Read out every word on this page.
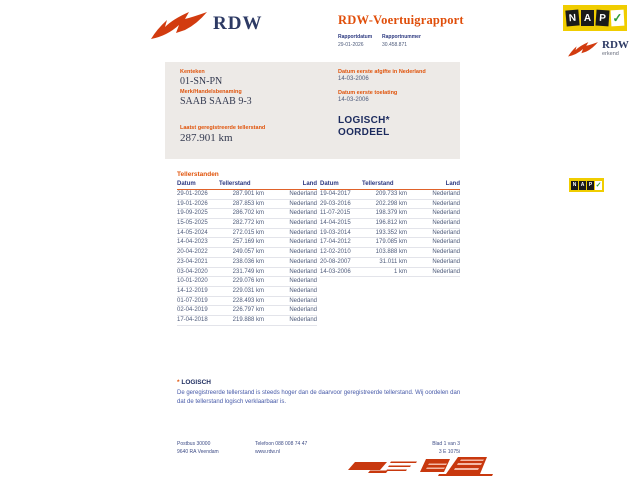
RDW	RDW-Voertuigrapport
Rapportdatum
29-01-2026
Rapportnummer
30.458.871
N A P ✓
RDW
erkend
Kenteken
01-SN-PN
Merk/Handelsbenaming
SAAB SAAB 9-3
Laatst geregistreerde tellerstand
287.901 km
Datum eerste afgifte in Nederland
14-03-2006
Datum eerste toelating
14-03-2006
LOGISCH*
OORDEEL
N A P ✓
Tellerstanden
Datum	Tellerstand	Land
29-01-2026	287.901 km	Nederland
19-01-2026	287.853 km	Nederland
19-09-2025	286.702 km	Nederland
15-05-2025	282.772 km	Nederland
14-05-2024	272.015 km	Nederland
14-04-2023	257.169 km	Nederland
20-04-2022	249.057 km	Nederland
23-04-2021	238.036 km	Nederland
03-04-2020	231.749 km	Nederland
10-01-2020	229.076 km	Nederland
14-12-2019	229.031 km	Nederland
01-07-2019	228.493 km	Nederland
02-04-2019	226.797 km	Nederland
17-04-2018	219.888 km	Nederland
Datum	Tellerstand	Land
19-04-2017	209.733 km	Nederland
29-03-2016	202.298 km	Nederland
11-07-2015	198.379 km	Nederland
14-04-2015	196.812 km	Nederland
19-03-2014	193.352 km	Nederland
17-04-2012	179.085 km	Nederland
12-02-2010	103.888 km	Nederland
20-08-2007	31.011 km	Nederland
14-03-2006	1 km	Nederland
* LOGISCH
De geregistreerde tellerstand is steeds hoger dan de daarvoor geregistreerde tellerstand. Wij oordelen dan dat de tellerstand logisch verklaarbaar is.
Postbus 30000
9640 RA Veendam
Telefoon 088 008 74 47
www.rdw.nl
Blad 1 van 3
3 E 1075i
